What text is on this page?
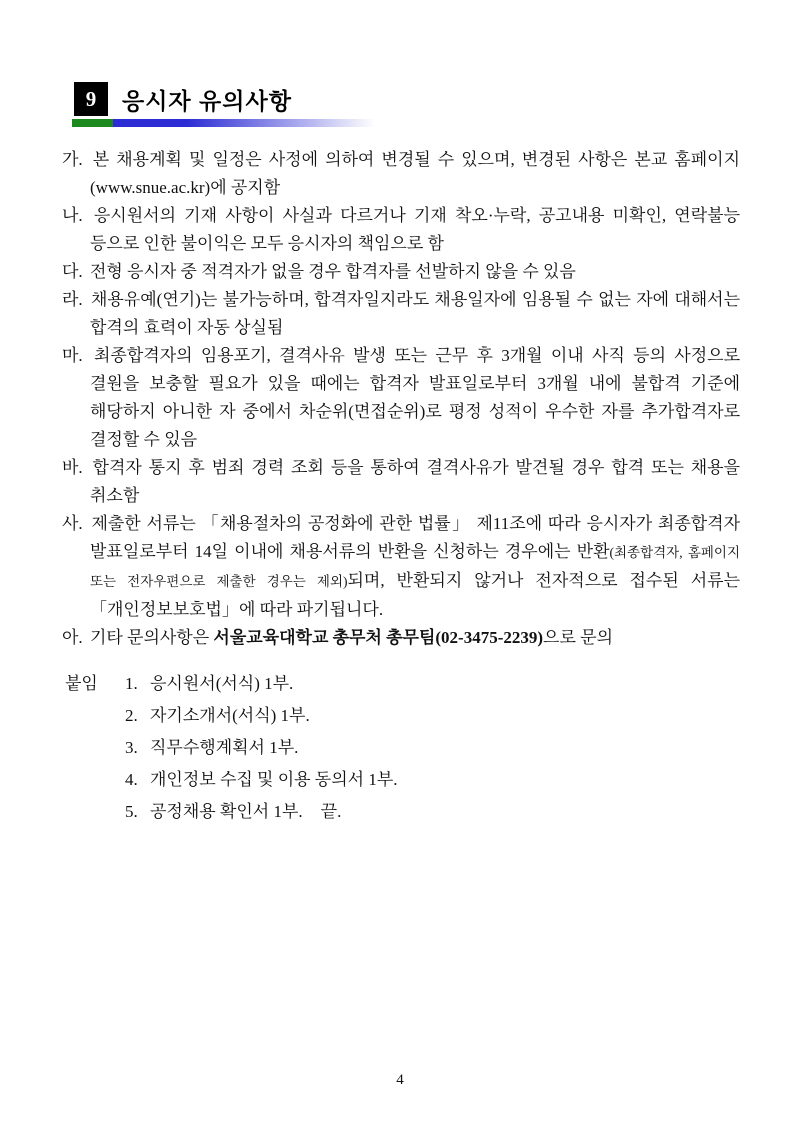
9 응시자 유의사항
가. 본 채용계획 및 일정은 사정에 의하여 변경될 수 있으며, 변경된 사항은 본교 홈페이지(www.snue.ac.kr)에 공지함
나. 응시원서의 기재 사항이 사실과 다르거나 기재 착오·누락, 공고내용 미확인, 연락불능 등으로 인한 불이익은 모두 응시자의 책임으로 함
다. 전형 응시자 중 적격자가 없을 경우 합격자를 선발하지 않을 수 있음
라. 채용유예(연기)는 불가능하며, 합격자일지라도 채용일자에 임용될 수 없는 자에 대해서는 합격의 효력이 자동 상실됨
마. 최종합격자의 임용포기, 결격사유 발생 또는 근무 후 3개월 이내 사직 등의 사정으로 결원을 보충할 필요가 있을 때에는 합격자 발표일로부터 3개월 내에 불합격 기준에 해당하지 아니한 자 중에서 차순위(면접순위)로 평정 성적이 우수한 자를 추가합격자로 결정할 수 있음
바. 합격자 통지 후 범죄 경력 조회 등을 통하여 결격사유가 발견될 경우 합격 또는 채용을 취소함
사. 제출한 서류는 「채용절차의 공정화에 관한 법률」 제11조에 따라 응시자가 최종합격자 발표일로부터 14일 이내에 채용서류의 반환을 신청하는 경우에는 반환(최종합격자, 홈페이지 또는 전자우편으로 제출한 경우는 제외)되며, 반환되지 않거나 전자적으로 접수된 서류는 「개인정보보호법」에 따라 파기됩니다.
아. 기타 문의사항은 서울교육대학교 총무처 총무팀(02-3475-2239)으로 문의
붙임	1. 응시원서(서식) 1부.
2. 자기소개서(서식) 1부.
3. 직무수행계획서 1부.
4. 개인정보 수집 및 이용 동의서 1부.
5. 공정채용 확인서 1부. 끝.
4
